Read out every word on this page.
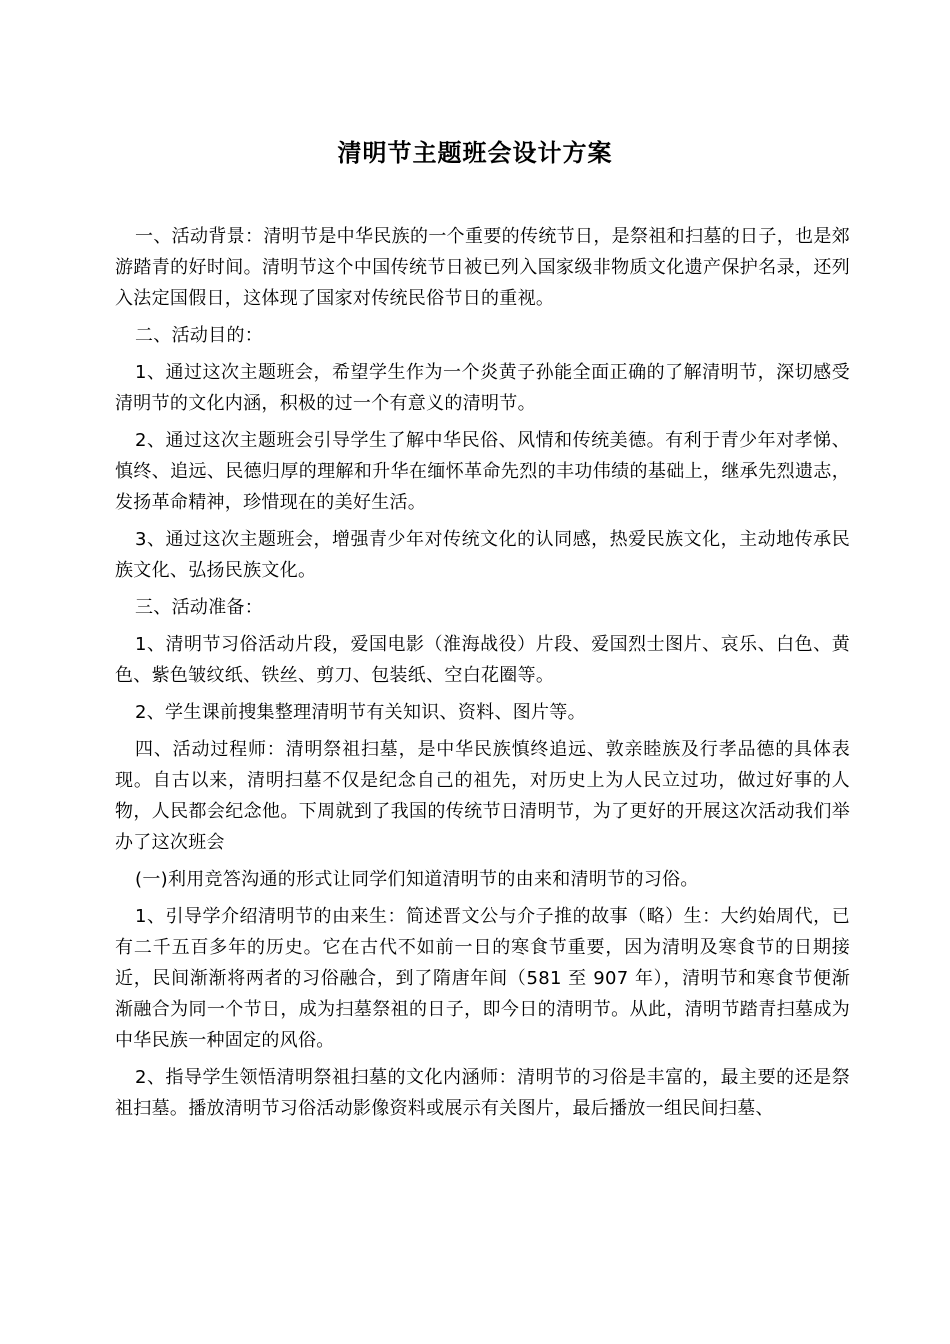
清明节主题班会设计方案

一、活动背景：清明节是中华民族的一个重要的传统节日，是祭祖和扫墓的日子，也是郊游踏青的好时间。清明节这个中国传统节日被已列入国家级非物质文化遗产保护名录，还列入法定国假日，这体现了国家对传统民俗节日的重视。

二、活动目的：

1、通过这次主题班会，希望学生作为一个炎黄子孙能全面正确的了解清明节，深切感受清明节的文化内涵，积极的过一个有意义的清明节。

2、通过这次主题班会引导学生了解中华民俗、风情和传统美德。有利于青少年对孝悌、慎终、追远、民德归厚的理解和升华在缅怀革命先烈的丰功伟绩的基础上，继承先烈遗志，发扬革命精神，珍惜现在的美好生活。

3、通过这次主题班会，增强青少年对传统文化的认同感，热爱民族文化，主动地传承民族文化、弘扬民族文化。

三、活动准备：

1、清明节习俗活动片段，爱国电影（淮海战役）片段、爱国烈士图片、哀乐、白色、黄色、紫色皱纹纸、铁丝、剪刀、包装纸、空白花圈等。

2、学生课前搜集整理清明节有关知识、资料、图片等。

四、活动过程师：清明祭祖扫墓，是中华民族慎终追远、敦亲睦族及行孝品德的具体表现。自古以来，清明扫墓不仅是纪念自己的祖先，对历史上为人民立过功，做过好事的人物，人民都会纪念他。下周就到了我国的传统节日清明节，为了更好的开展这次活动我们举办了这次班会

(一)利用竞答沟通的形式让同学们知道清明节的由来和清明节的习俗。

1、引导学介绍清明节的由来生：简述晋文公与介子推的故事（略）生：大约始周代，已有二千五百多年的历史。它在古代不如前一日的寒食节重要，因为清明及寒食节的日期接近，民间渐渐将两者的习俗融合，到了隋唐年间（581 至 907 年），清明节和寒食节便渐渐融合为同一个节日，成为扫墓祭祖的日子，即今日的清明节。从此，清明节踏青扫墓成为中华民族一种固定的风俗。

2、指导学生领悟清明祭祖扫墓的文化内涵师：清明节的习俗是丰富的，最主要的还是祭祖扫墓。播放清明节习俗活动影像资料或展示有关图片，最后播放一组民间扫墓、
